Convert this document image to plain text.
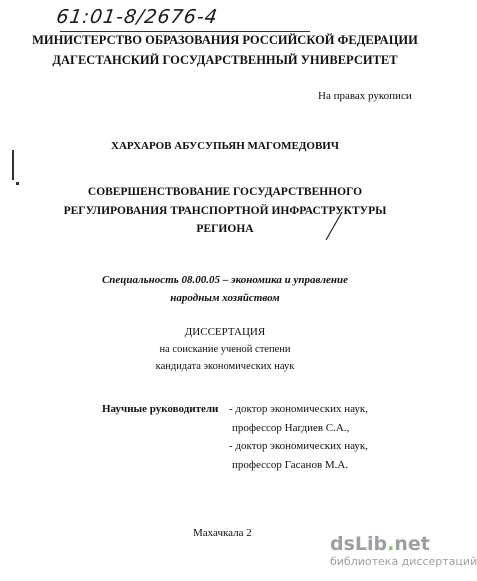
61:01-8/2676-4
МИНИСТЕРСТВО ОБРАЗОВАНИЯ РОССИЙСКОЙ ФЕДЕРАЦИИ
ДАГЕСТАНСКИЙ ГОСУДАРСТВЕННЫЙ УНИВЕРСИТЕТ
На правах рукописи
ХАРХАРОВ АБУСУПЬЯН МАГОМЕДОВИЧ
СОВЕРШЕНСТВОВАНИЕ ГОСУДАРСТВЕННОГО
РЕГУЛИРОВАНИЯ ТРАНСПОРТНОЙ ИНФРАСТРУКТУРЫ
РЕГИОНА
Специальность 08.00.05 – экономика и управление
народным хозяйством
ДИССЕРТАЦИЯ
на соискание ученой степени
кандидата экономических наук
Научные руководители - доктор экономических наук,
профессор Нагдиев С.А.,
- доктор экономических наук,
профессор Гасанов М.А.
Махачкала 2	dsLib.net
библиотека диссертаций
